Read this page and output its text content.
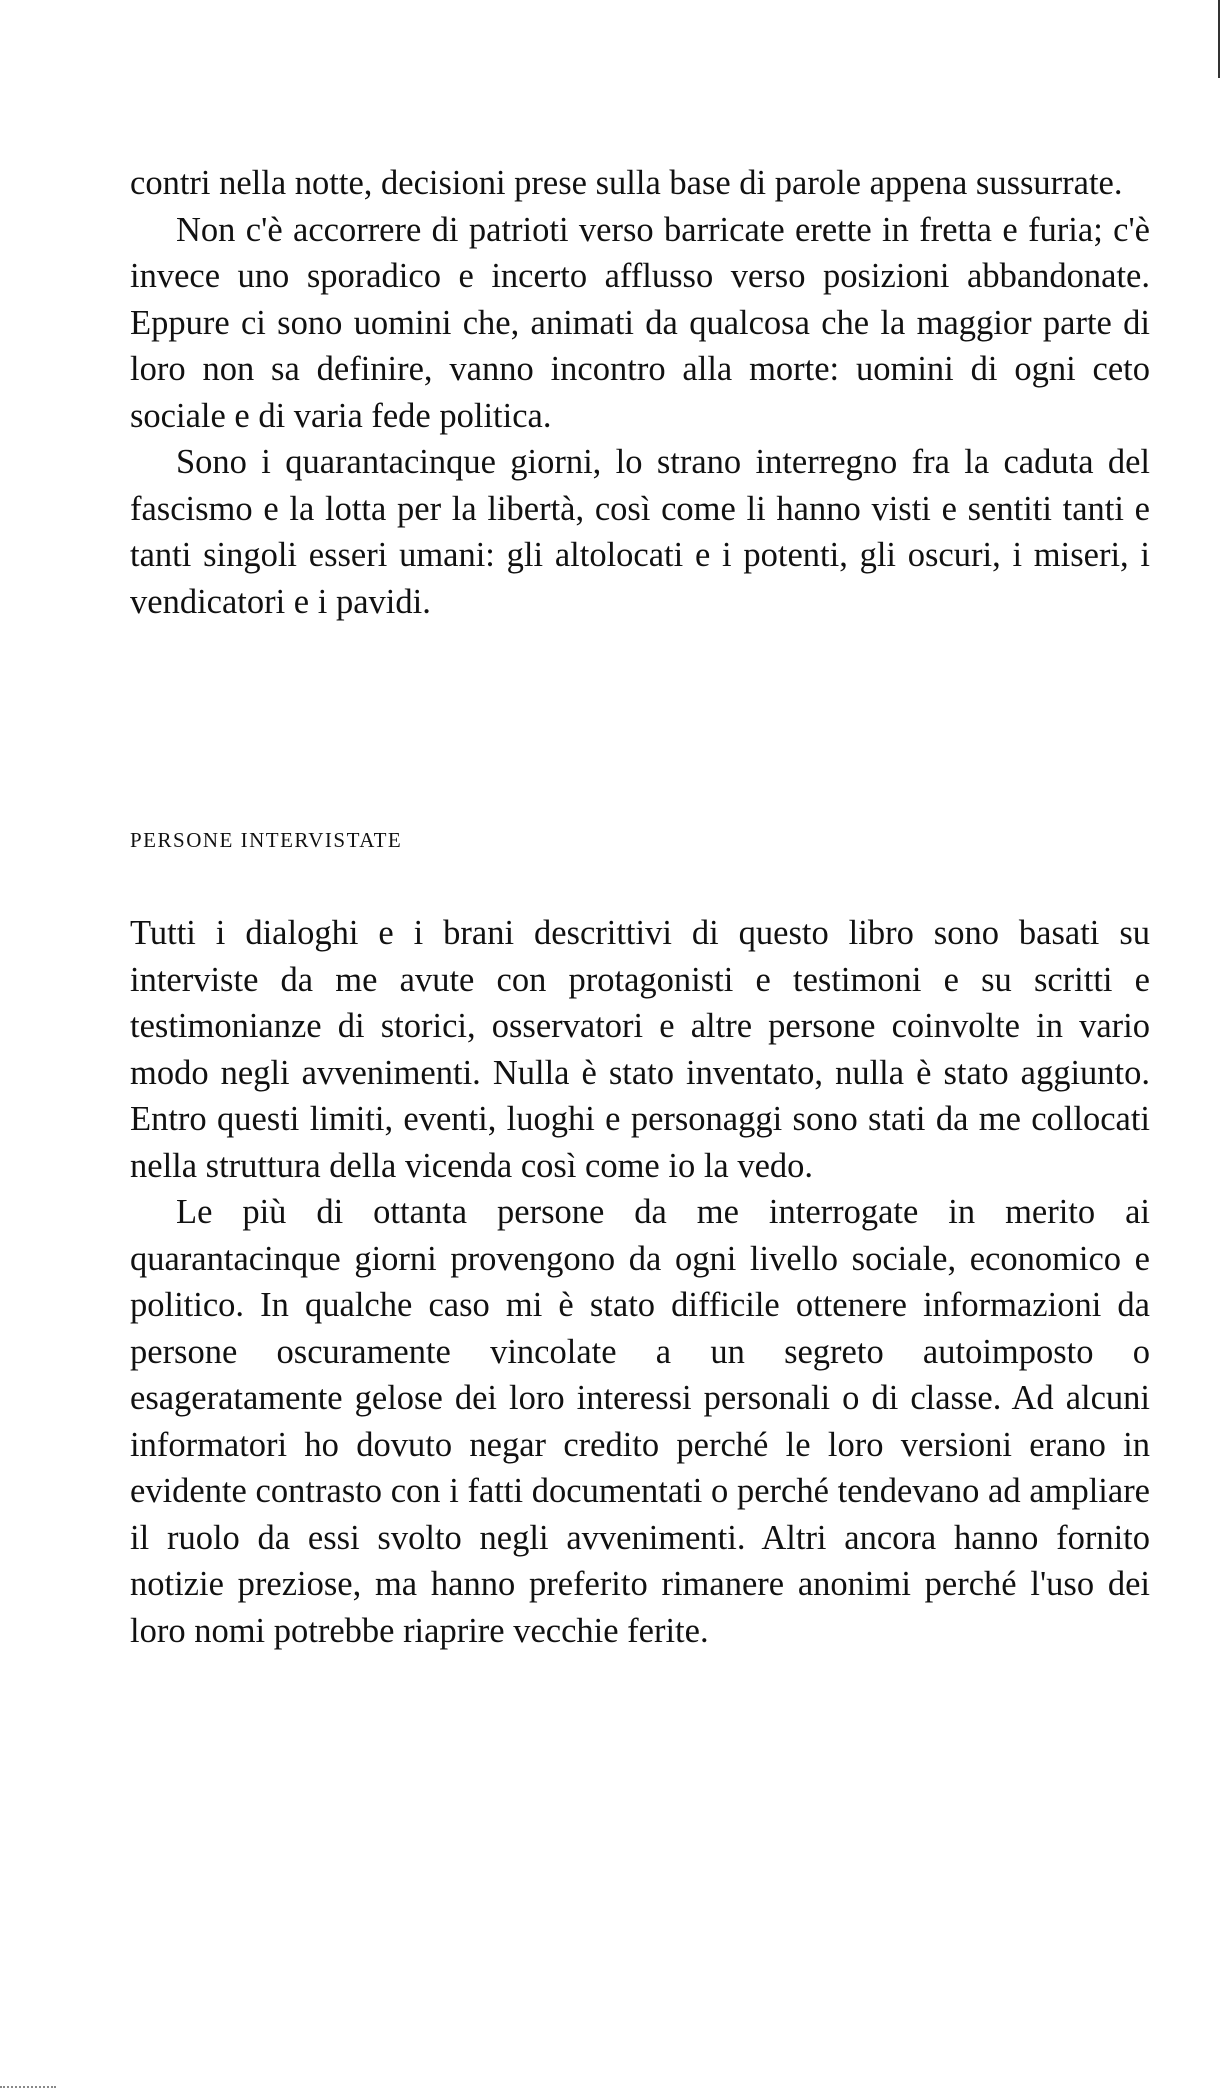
contri nella notte, decisioni prese sulla base di parole appena sussurrate.

Non c'è accorrere di patrioti verso barricate erette in fretta e furia; c'è invece uno sporadico e incerto afflusso verso posizioni abbandonate. Eppure ci sono uomini che, animati da qualcosa che la maggior parte di loro non sa definire, vanno incontro alla morte: uomini di ogni ceto sociale e di varia fede politica.

Sono i quarantacinque giorni, lo strano interregno fra la caduta del fascismo e la lotta per la libertà, così come li hanno visti e sentiti tanti e tanti singoli esseri umani: gli altolocati e i potenti, gli oscuri, i miseri, i vendicatori e i pavidi.

PERSONE INTERVISTATE

Tutti i dialoghi e i brani descrittivi di questo libro sono basati su interviste da me avute con protagonisti e testimoni e su scritti e testimonianze di storici, osservatori e altre persone coinvolte in vario modo negli avvenimenti. Nulla è stato inventato, nulla è stato aggiunto. Entro questi limiti, eventi, luoghi e personaggi sono stati da me collocati nella struttura della vicenda così come io la vedo.

Le più di ottanta persone da me interrogate in merito ai quarantacinque giorni provengono da ogni livello sociale, economico e politico. In qualche caso mi è stato difficile ottenere informazioni da persone oscuramente vincolate a un segreto autoimposto o esageratamente gelose dei loro interessi personali o di classe. Ad alcuni informatori ho dovuto negar credito perché le loro versioni erano in evidente contrasto con i fatti documentati o perché tendevano ad ampliare il ruolo da essi svolto negli avvenimenti. Altri ancora hanno fornito notizie preziose, ma hanno preferito rimanere anonimi perché l'uso dei loro nomi potrebbe riaprire vecchie ferite.
